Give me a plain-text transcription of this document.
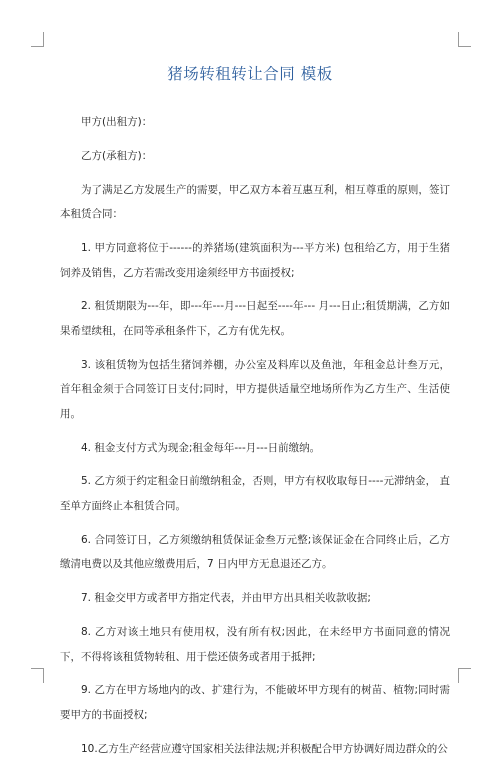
猪场转租转让合同 模板
甲方(出租方)：
乙方(承租方)：
为了满足乙方发展生产的需要，甲乙双方本着互惠互利，相互尊重的原则，签订本租赁合同：
1. 甲方同意将位于------的养猪场(建筑面积为---平方米) 包租给乙方，用于生猪饲养及销售，乙方若需改变用途须经甲方书面授权;
2. 租赁期限为---年，即---年---月---日起至----年--- 月---日止;租赁期满，乙方如果希望续租，在同等承租条件下，乙方有优先权。
3. 该租赁物为包括生猪饲养棚，办公室及料库以及鱼池，年租金总计叁万元，首年租金须于合同签订日支付;同时，甲方提供适量空地场所作为乙方生产、生活使用。
4. 租金支付方式为现金;租金每年---月---日前缴纳。
5. 乙方须于约定租金日前缴纳租金，否则，甲方有权收取每日----元滞纳金， 直至单方面终止本租赁合同。
6. 合同签订日，乙方须缴纳租赁保证金叁万元整;该保证金在合同终止后，乙方缴清电费以及其他应缴费用后，7 日内甲方无息退还乙方。
7. 租金交甲方或者甲方指定代表，并由甲方出具相关收款收据;
8. 乙方对该土地只有使用权，没有所有权;因此，在未经甲方书面同意的情况下，不得将该租赁物转租、用于偿还债务或者用于抵押;
9. 乙方在甲方场地内的改、扩建行为，不能破坏甲方现有的树苗、植物;同时需要甲方的书面授权;
10.乙方生产经营应遵守国家相关法律法规;并积极配合甲方协调好周边群众的公
